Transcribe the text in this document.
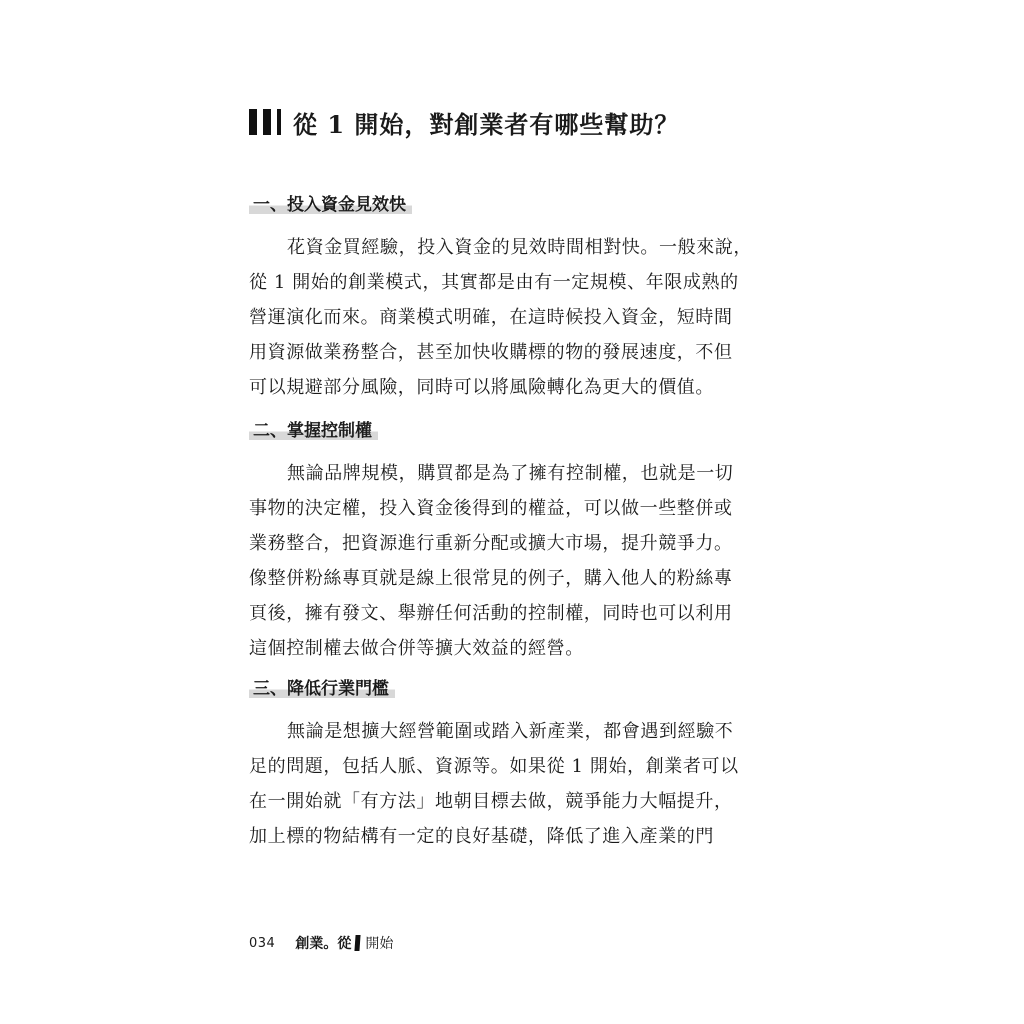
從 1 開始，對創業者有哪些幫助？
一、投入資金見效快

花資金買經驗，投入資金的見效時間相對快。一般來說，
從 1 開始的創業模式，其實都是由有一定規模、年限成熟的
營運演化而來。商業模式明確，在這時候投入資金，短時間
用資源做業務整合，甚至加快收購標的物的發展速度，不但
可以規避部分風險，同時可以將風險轉化為更大的價值。

二、掌握控制權

無論品牌規模，購買都是為了擁有控制權，也就是一切
事物的決定權，投入資金後得到的權益，可以做一些整併或
業務整合，把資源進行重新分配或擴大市場，提升競爭力。
像整併粉絲專頁就是線上很常見的例子，購入他人的粉絲專
頁後，擁有發文、舉辦任何活動的控制權，同時也可以利用
這個控制權去做合併等擴大效益的經營。

三、降低行業門檻

無論是想擴大經營範圍或踏入新產業，都會遇到經驗不
足的問題，包括人脈、資源等。如果從 1 開始，創業者可以
在一開始就「有方法」地朝目標去做，競爭能力大幅提升，
加上標的物結構有一定的良好基礎，降低了進入產業的門

034 創業。從 開始
